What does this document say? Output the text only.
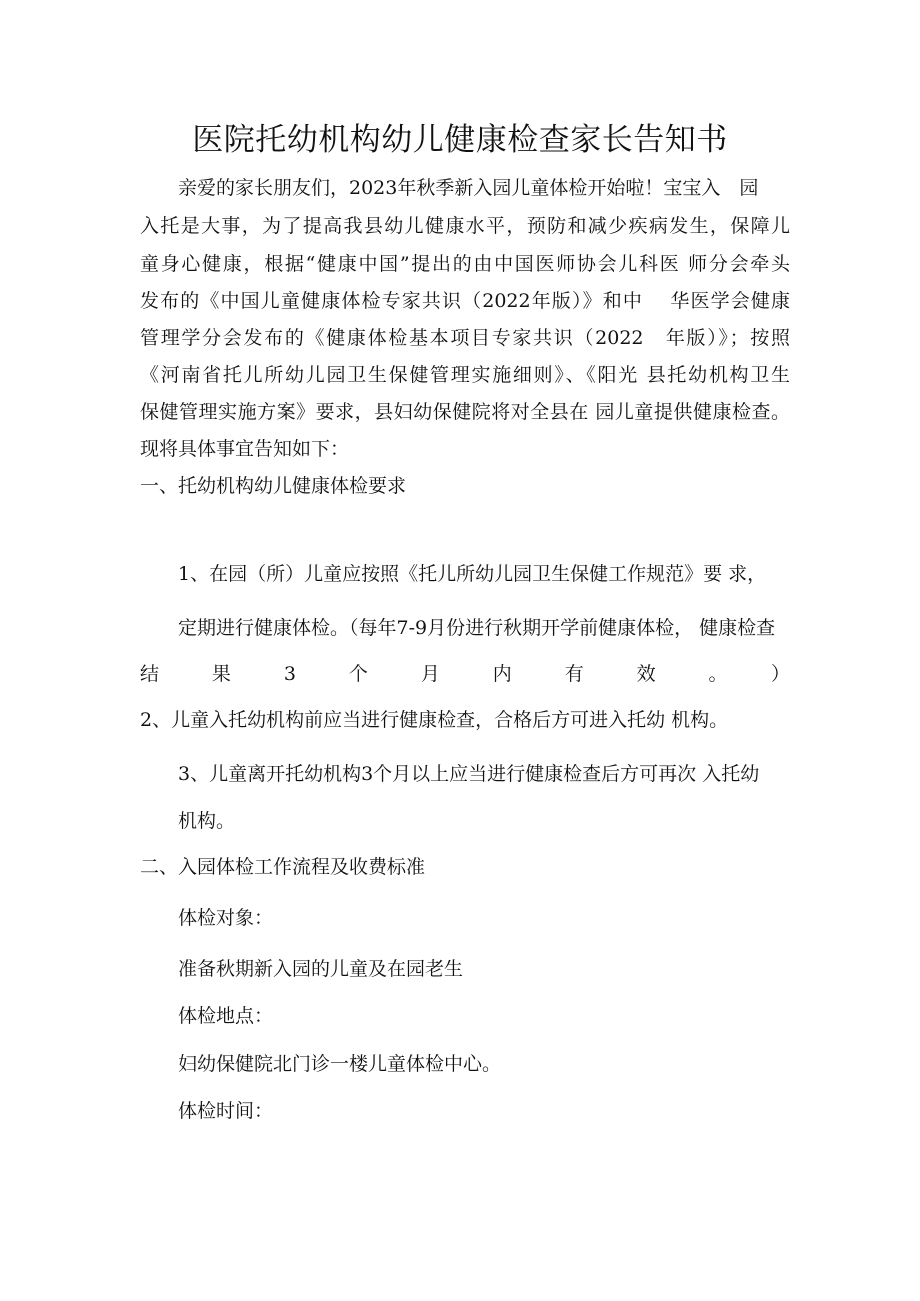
医院托幼机构幼儿健康检查家长告知书

亲爱的家长朋友们，2023年秋季新入园儿童体检开始啦！宝宝入　园

入托是大事，为了提高我县幼儿健康水平，预防和减少疾病发生，保障儿

童身心健康，根据“健康中国”提出的由中国医师协会儿科医 师分会牵头

发布的《中国儿童健康体检专家共识（2022年版）》和中　 华医学会健康

管理学分会发布的《健康体检基本项目专家共识（2022　年版）》；按照

《河南省托儿所幼儿园卫生保健管理实施细则》、《阳光 县托幼机构卫生

保健管理实施方案》要求，县妇幼保健院将对全县在 园儿童提供健康检查。

现将具体事宜告知如下：

一、托幼机构幼儿健康体检要求

1、在园（所）儿童应按照《托儿所幼儿园卫生保健工作规范》要 求，

定期进行健康体检。（每年7-9月份进行秋期开学前健康体检， 健康检查

结果3个月内有效。）

2、儿童入托幼机构前应当进行健康检查，合格后方可进入托幼 机构。

3、儿童离开托幼机构3个月以上应当进行健康检查后方可再次 入托幼

机构。

二、入园体检工作流程及收费标准

体检对象：

准备秋期新入园的儿童及在园老生

体检地点：

妇幼保健院北门诊一楼儿童体检中心。

体检时间：
